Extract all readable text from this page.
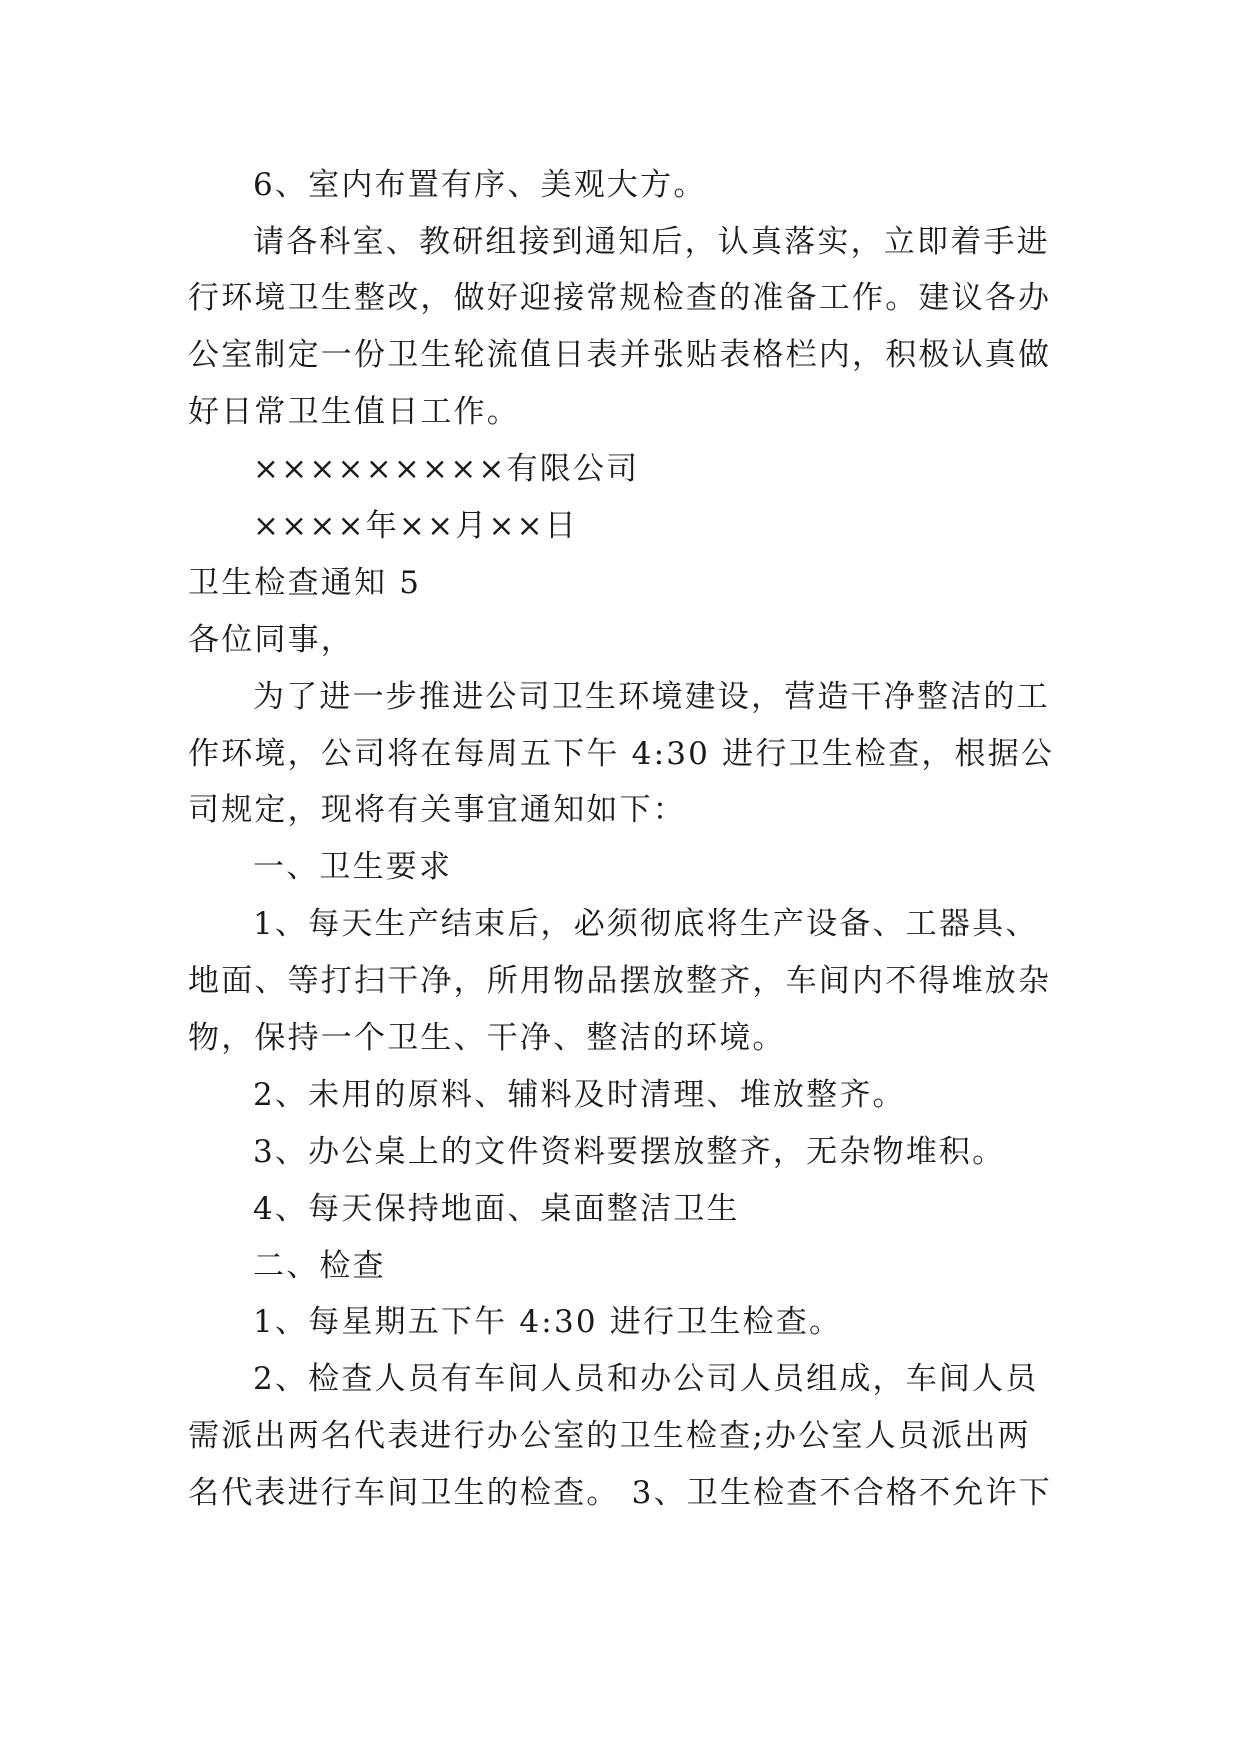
6、室内布置有序、美观大方。
请各科室、教研组接到通知后，认真落实，立即着手进
行环境卫生整改，做好迎接常规检查的准备工作。建议各办
公室制定一份卫生轮流值日表并张贴表格栏内，积极认真做
好日常卫生值日工作。
×××××××××有限公司
××××年××月××日
卫生检查通知 5
各位同事，
为了进一步推进公司卫生环境建设，营造干净整洁的工
作环境，公司将在每周五下午 4:30 进行卫生检查，根据公
司规定，现将有关事宜通知如下：
一、卫生要求
1、每天生产结束后，必须彻底将生产设备、工器具、
地面、等打扫干净，所用物品摆放整齐，车间内不得堆放杂
物，保持一个卫生、干净、整洁的环境。
2、未用的原料、辅料及时清理、堆放整齐。
3、办公桌上的文件资料要摆放整齐，无杂物堆积。
4、每天保持地面、桌面整洁卫生
二、检查
1、每星期五下午 4:30 进行卫生检查。
2、检查人员有车间人员和办公司人员组成，车间人员
需派出两名代表进行办公室的卫生检查;办公室人员派出两
名代表进行车间卫生的检查。 3、卫生检查不合格不允许下
